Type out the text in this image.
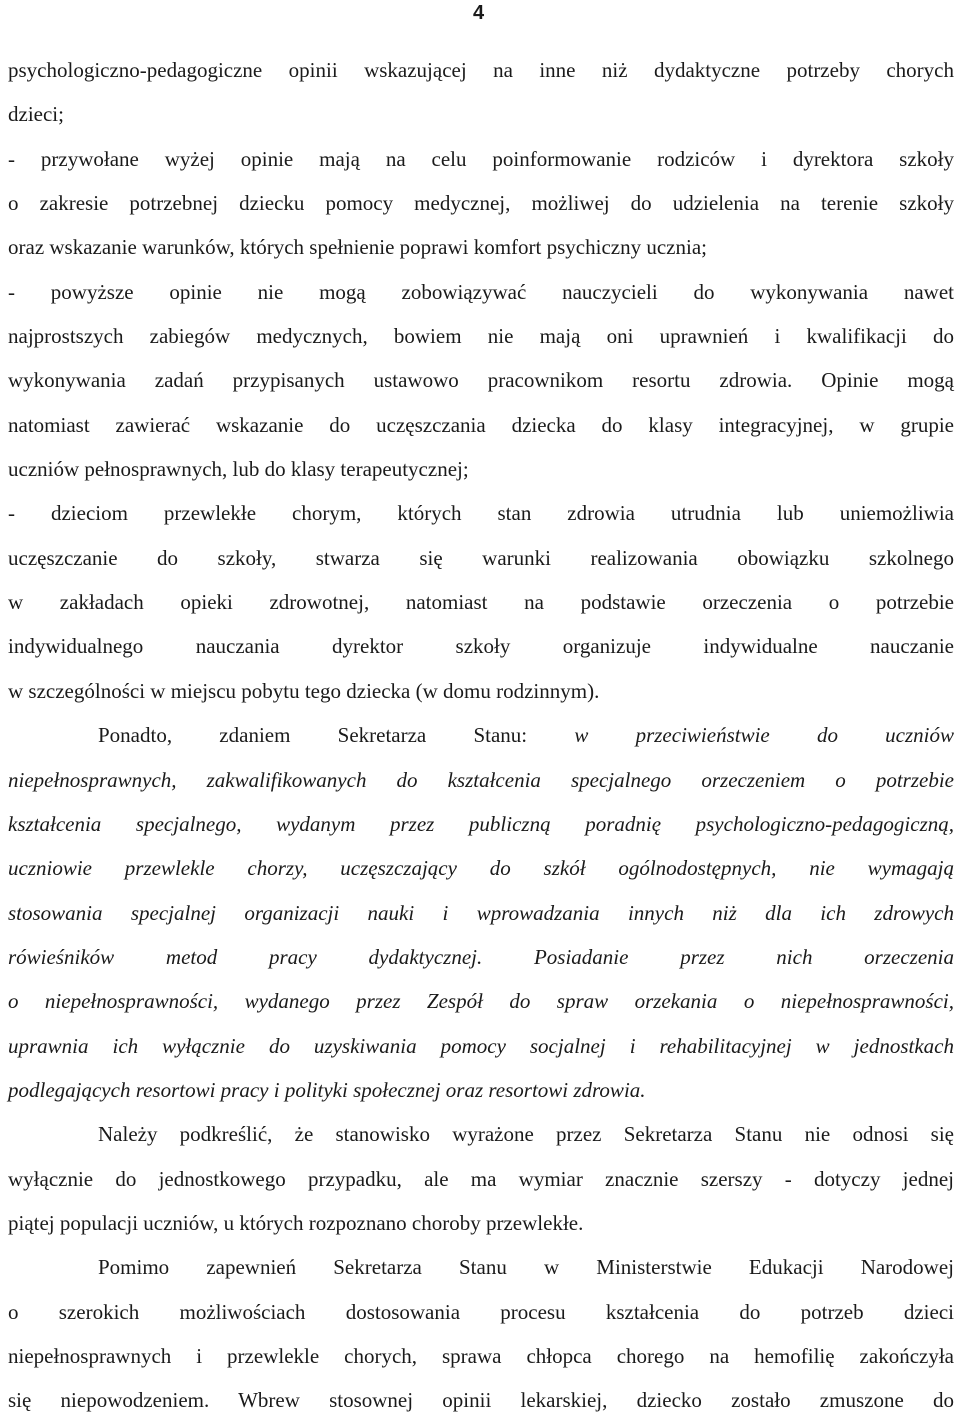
4
psychologiczno-pedagogiczne opinii wskazującej na inne niż dydaktyczne potrzeby chorych
dzieci;
- przywołane wyżej opinie mają na celu poinformowanie rodziców i dyrektora szkoły
o zakresie potrzebnej dziecku pomocy medycznej, możliwej do udzielenia na terenie szkoły
oraz wskazanie warunków, których spełnienie poprawi komfort psychiczny ucznia;
- powyższe opinie nie mogą zobowiązywać nauczycieli do wykonywania nawet
najprostszych zabiegów medycznych, bowiem nie mają oni uprawnień i kwalifikacji do
wykonywania zadań przypisanych ustawowo pracownikom resortu zdrowia. Opinie mogą
natomiast zawierać wskazanie do uczęszczania dziecka do klasy integracyjnej, w grupie
uczniów pełnosprawnych, lub do klasy terapeutycznej;
- dzieciom przewlekłe chorym, których stan zdrowia utrudnia lub uniemożliwia
uczęszczanie do szkoły, stwarza się warunki realizowania obowiązku szkolnego
w zakładach opieki zdrowotnej, natomiast na podstawie orzeczenia o potrzebie
indywidualnego nauczania dyrektor szkoły organizuje indywidualne nauczanie
w szczególności w miejscu pobytu tego dziecka (w domu rodzinnym).
Ponadto, zdaniem Sekretarza Stanu: w przeciwieństwie do uczniów
niepełnosprawnych, zakwalifikowanych do kształcenia specjalnego orzeczeniem o potrzebie
kształcenia specjalnego, wydanym przez publiczną poradnię psychologiczno-pedagogiczną,
uczniowie przewlekle chorzy, uczęszczający do szkół ogólnodostępnych, nie wymagają
stosowania specjalnej organizacji nauki i wprowadzania innych niż dla ich zdrowych
rówieśników metod pracy dydaktycznej. Posiadanie przez nich orzeczenia
o niepełnosprawności, wydanego przez Zespół do spraw orzekania o niepełnosprawności,
uprawnia ich wyłącznie do uzyskiwania pomocy socjalnej i rehabilitacyjnej w jednostkach
podlegających resortowi pracy i polityki społecznej oraz resortowi zdrowia.
Należy podkreślić, że stanowisko wyrażone przez Sekretarza Stanu nie odnosi się
wyłącznie do jednostkowego przypadku, ale ma wymiar znacznie szerszy - dotyczy jednej
piątej populacji uczniów, u których rozpoznano choroby przewlekłe.
Pomimo zapewnień Sekretarza Stanu w Ministerstwie Edukacji Narodowej
o szerokich możliwościach dostosowania procesu kształcenia do potrzeb dzieci
niepełnosprawnych i przewlekle chorych, sprawa chłopca chorego na hemofilię zakończyła
się niepowodzeniem. Wbrew stosownej opinii lekarskiej, dziecko zostało zmuszone do
